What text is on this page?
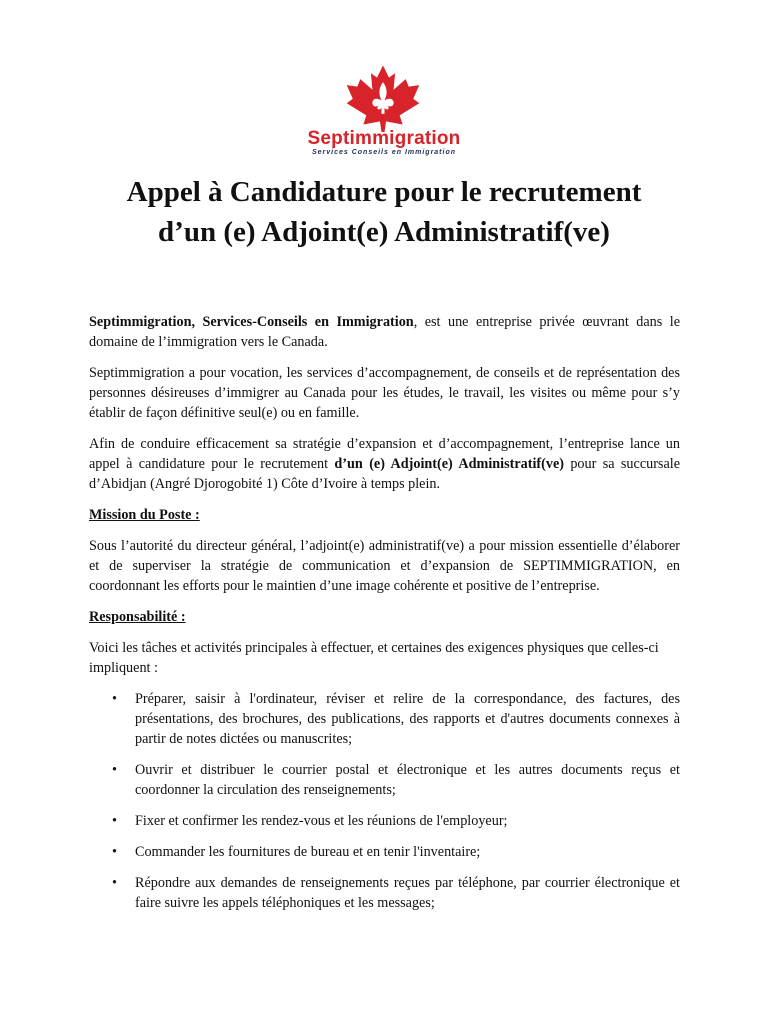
Septimmigration
Services Conseils en Immigration
Appel à Candidature pour le recrutement
d’un (e) Adjoint(e) Administratif(ve)

Septimmigration, Services-Conseils en Immigration, est une entreprise privée œuvrant dans le domaine de l’immigration vers le Canada.

Septimmigration a pour vocation, les services d’accompagnement, de conseils et de représentation des personnes désireuses d’immigrer au Canada pour les études, le travail, les visites ou même pour s’y établir de façon définitive seul(e) ou en famille.

Afin de conduire efficacement sa stratégie d’expansion et d’accompagnement, l’entreprise lance un appel à candidature pour le recrutement d’un (e) Adjoint(e) Administratif(ve) pour sa succursale d’Abidjan (Angré Djorogobité 1) Côte d’Ivoire à temps plein.

Mission du Poste :

Sous l’autorité du directeur général, l’adjoint(e) administratif(ve) a pour mission essentielle d’élaborer et de superviser la stratégie de communication et d’expansion de SEPTIMMIGRATION, en coordonnant les efforts pour le maintien d’une image cohérente et positive de l’entreprise.

Responsabilité :

Voici les tâches et activités principales à effectuer, et certaines des exigences physiques que celles-ci impliquent :

• Préparer, saisir à l'ordinateur, réviser et relire de la correspondance, des factures, des présentations, des brochures, des publications, des rapports et d'autres documents connexes à partir de notes dictées ou manuscrites;
• Ouvrir et distribuer le courrier postal et électronique et les autres documents reçus et coordonner la circulation des renseignements;
• Fixer et confirmer les rendez-vous et les réunions de l'employeur;
• Commander les fournitures de bureau et en tenir l'inventaire;
• Répondre aux demandes de renseignements reçues par téléphone, par courrier électronique et faire suivre les appels téléphoniques et les messages;
